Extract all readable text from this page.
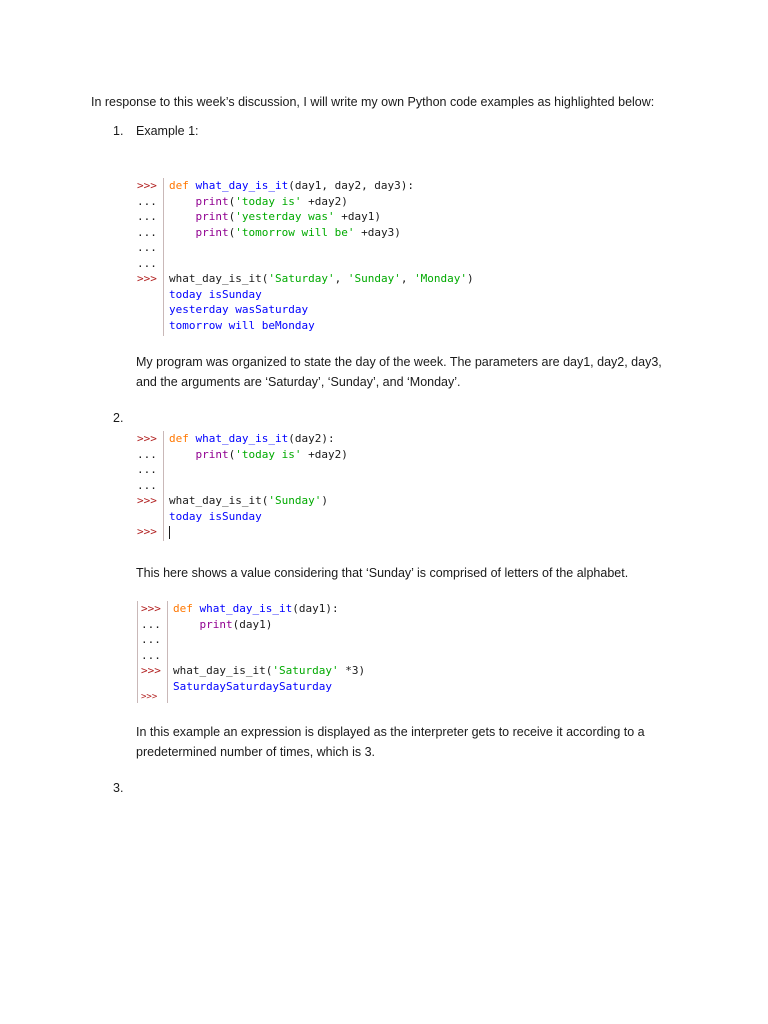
In response to this week’s discussion, I will write my own Python code examples as highlighted below:

1. Example 1:
>>>
...
...
...
...
...
>>>
def what_day_is_it(day1, day2, day3):
print('today is' +day2)
print('yesterday was' +day1)
print('tomorrow will be' +day3)

what_day_is_it('Saturday', 'Sunday', 'Monday')
today isSunday
yesterday wasSaturday
tomorrow will beMonday

My program was organized to state the day of the week. The parameters are day1, day2, day3, and the arguments are ‘Saturday’, ‘Sunday’, and ‘Monday’.

2.
>>>
...
...
...
>>>
>>>
def what_day_is_it(day2):
print('today is' +day2)

what_day_is_it('Sunday')
today isSunday

This here shows a value considering that ‘Sunday’ is comprised of letters of the alphabet.

>>>
...
...
...
>>>
>>>
def what_day_is_it(day1):
print(day1)

what_day_is_it('Saturday' *3)
SaturdaySaturdaySaturday

In this example an expression is displayed as the interpreter gets to receive it according to a predetermined number of times, which is 3.

3.
